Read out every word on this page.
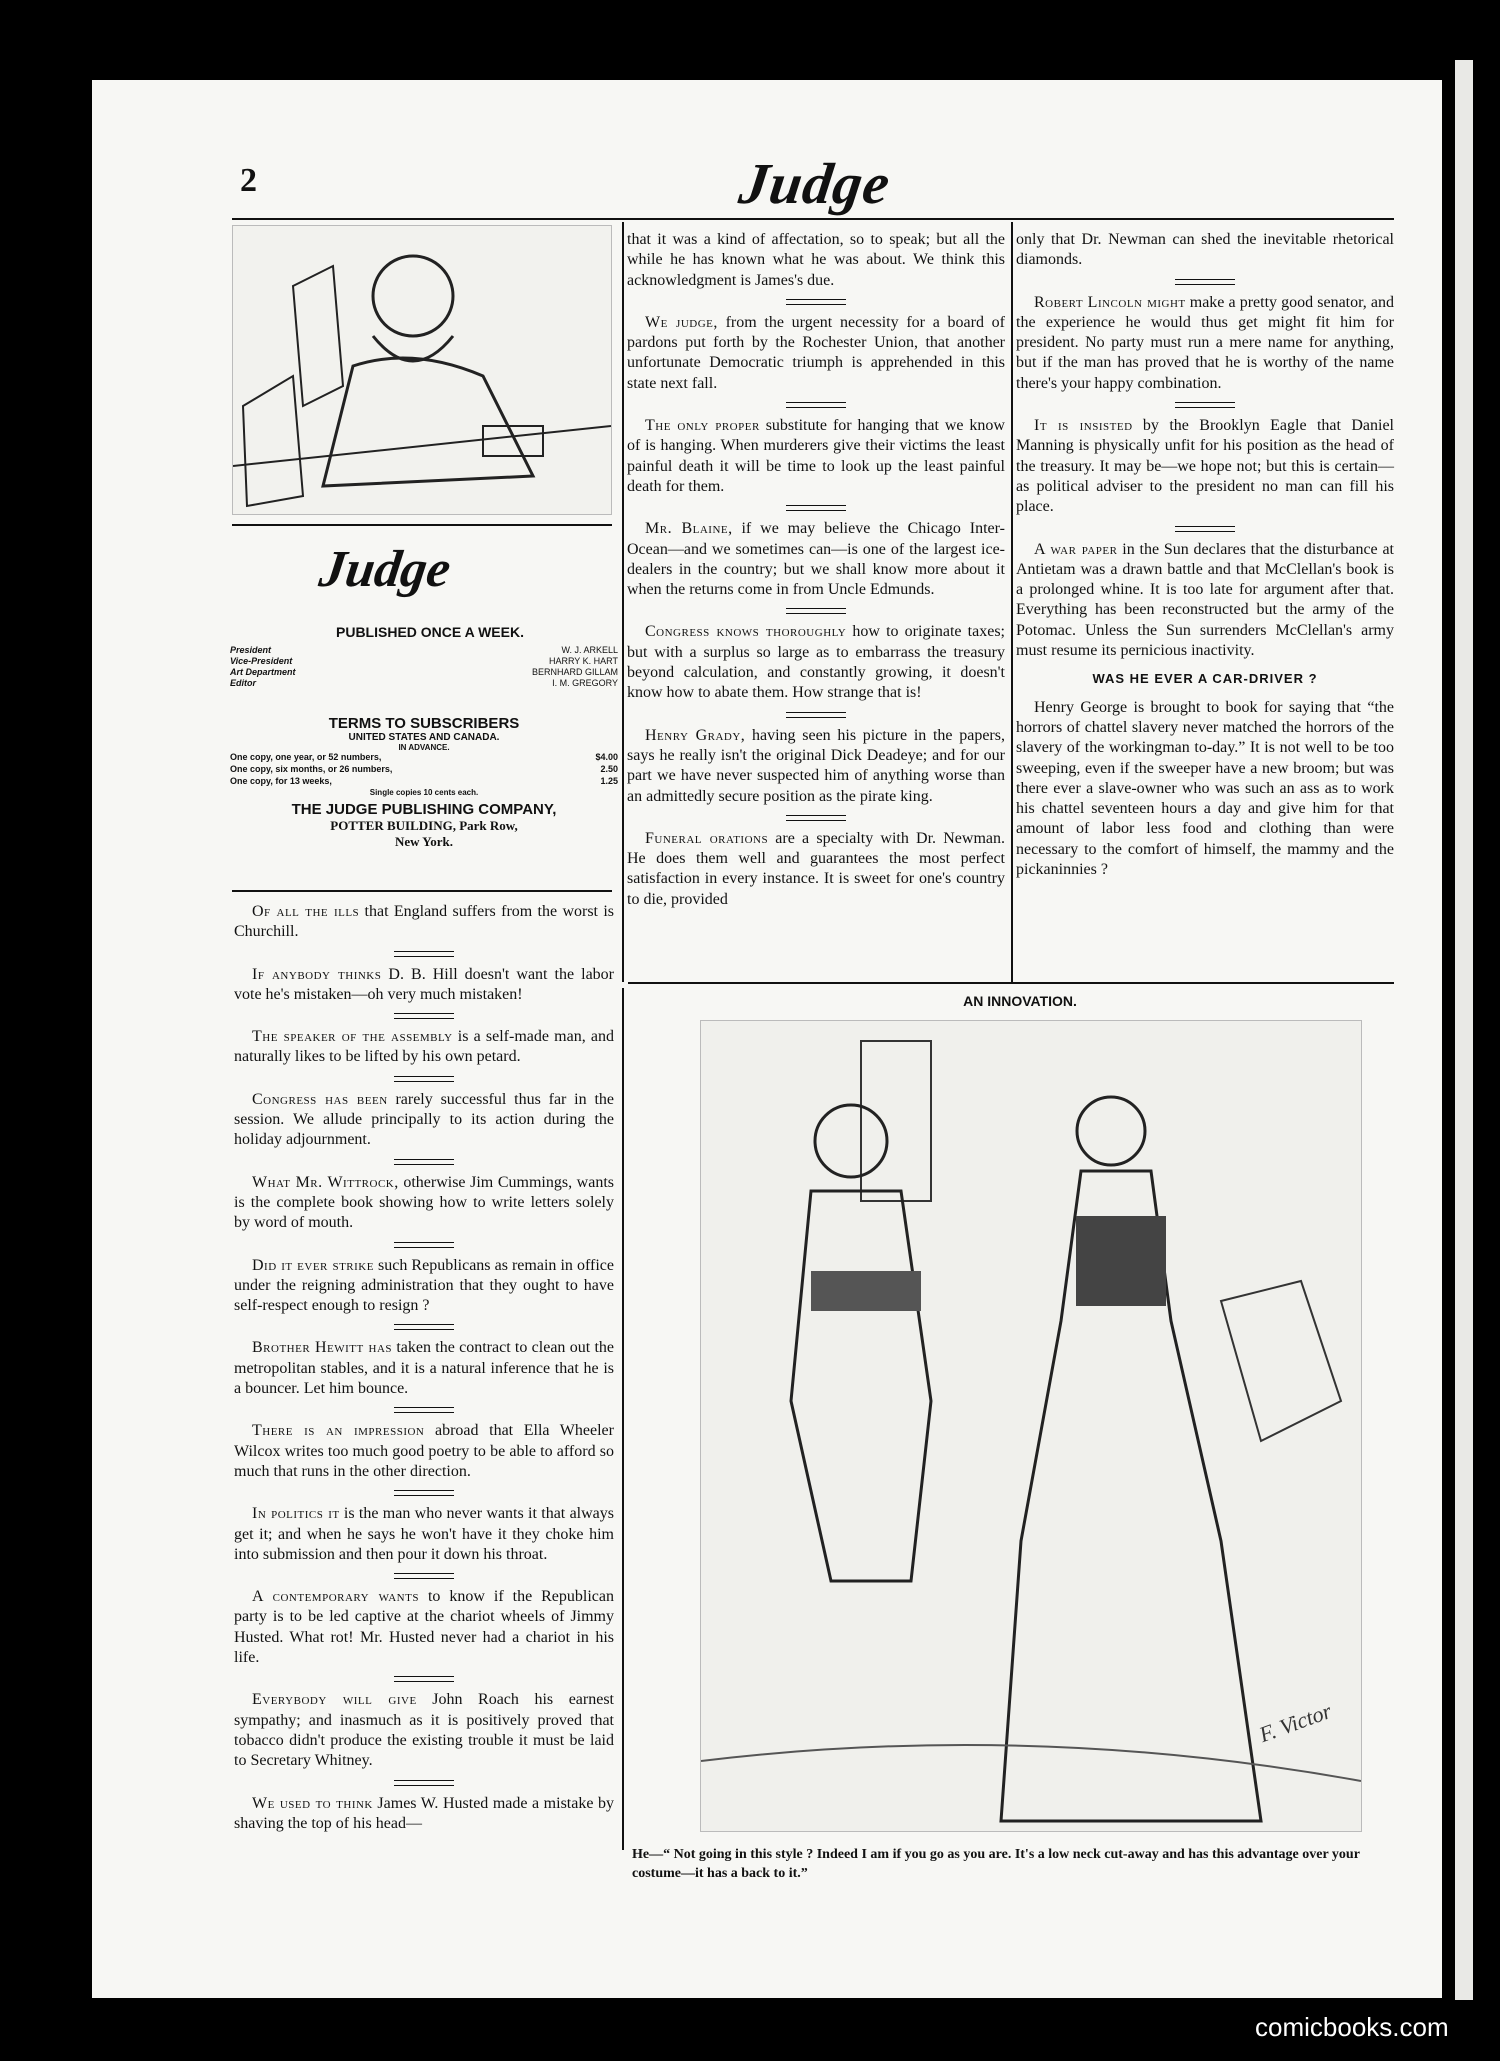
2	Judge
Judge
PUBLISHED ONCE A WEEK.
President	W. J. ARKELL
Vice-President	HARRY K. HART
Art Department	BERNHARD GILLAM
Editor	I. M. GREGORY
TERMS TO SUBSCRIBERS
UNITED STATES AND CANADA.
IN ADVANCE.
One copy, one year, or 52 numbers,	$4.00
One copy, six months, or 26 numbers,	2.50
One copy, for 13 weeks,	1.25
Single copies 10 cents each.
THE JUDGE PUBLISHING COMPANY,
POTTER BUILDING, Park Row,
New York.

Of all the ills that England suffers from the worst is Churchill.

If anybody thinks D. B. Hill doesn't want the labor vote he's mistaken—oh very much mistaken!

The speaker of the assembly is a self-made man, and naturally likes to be lifted by his own petard.

Congress has been rarely successful thus far in the session. We allude principally to its action during the holiday adjournment.

What Mr. Wittrock, otherwise Jim Cummings, wants is the complete book showing how to write letters solely by word of mouth.

Did it ever strike such Republicans as remain in office under the reigning administration that they ought to have self-respect enough to resign ?

Brother Hewitt has taken the contract to clean out the metropolitan stables, and it is a natural inference that he is a bouncer. Let him bounce.

There is an impression abroad that Ella Wheeler Wilcox writes too much good poetry to be able to afford so much that runs in the other direction.

In politics it is the man who never wants it that always get it; and when he says he won't have it they choke him into submission and then pour it down his throat.

A contemporary wants to know if the Republican party is to be led captive at the chariot wheels of Jimmy Husted. What rot! Mr. Husted never had a chariot in his life.

Everybody will give John Roach his earnest sympathy; and inasmuch as it is positively proved that tobacco didn't produce the existing trouble it must be laid to Secretary Whitney.

We used to think James W. Husted made a mistake by shaving the top of his head—

that it was a kind of affectation, so to speak; but all the while he has known what he was about. We think this acknowledgment is James's due.

We judge, from the urgent necessity for a board of pardons put forth by the Rochester Union, that another unfortunate Democratic triumph is apprehended in this state next fall.

The only proper substitute for hanging that we know of is hanging. When murderers give their victims the least painful death it will be time to look up the least painful death for them.

Mr. Blaine, if we may believe the Chicago Inter-Ocean—and we sometimes can—is one of the largest ice-dealers in the country; but we shall know more about it when the returns come in from Uncle Edmunds.

Congress knows thoroughly how to originate taxes; but with a surplus so large as to embarrass the treasury beyond calculation, and constantly growing, it doesn't know how to abate them. How strange that is!

Henry Grady, having seen his picture in the papers, says he really isn't the original Dick Deadeye; and for our part we have never suspected him of anything worse than an admittedly secure position as the pirate king.

Funeral orations are a specialty with Dr. Newman. He does them well and guarantees the most perfect satisfaction in every instance. It is sweet for one's country to die, provided

only that Dr. Newman can shed the inevitable rhetorical diamonds.

Robert Lincoln might make a pretty good senator, and the experience he would thus get might fit him for president. No party must run a mere name for anything, but if the man has proved that he is worthy of the name there's your happy combination.

It is insisted by the Brooklyn Eagle that Daniel Manning is physically unfit for his position as the head of the treasury. It may be—we hope not; but this is certain—as political adviser to the president no man can fill his place.

A war paper in the Sun declares that the disturbance at Antietam was a drawn battle and that McClellan's book is a prolonged whine. It is too late for argument after that. Everything has been reconstructed but the army of the Potomac. Unless the Sun surrenders McClellan's army must resume its pernicious inactivity.

WAS HE EVER A CAR-DRIVER ?

Henry George is brought to book for saying that “the horrors of chattel slavery never matched the horrors of the slavery of the workingman to-day.” It is not well to be too sweeping, even if the sweeper have a new broom; but was there ever a slave-owner who was such an ass as to work his chattel seventeen hours a day and give him for that amount of labor less food and clothing than were necessary to the comfort of himself, the mammy and the pickaninnies ?

AN INNOVATION.
F. Victor
He—“ Not going in this style ? Indeed I am if you go as you are. It's a low neck cut-away and has this advantage over your costume—it has a back to it.”
comicbooks.com
